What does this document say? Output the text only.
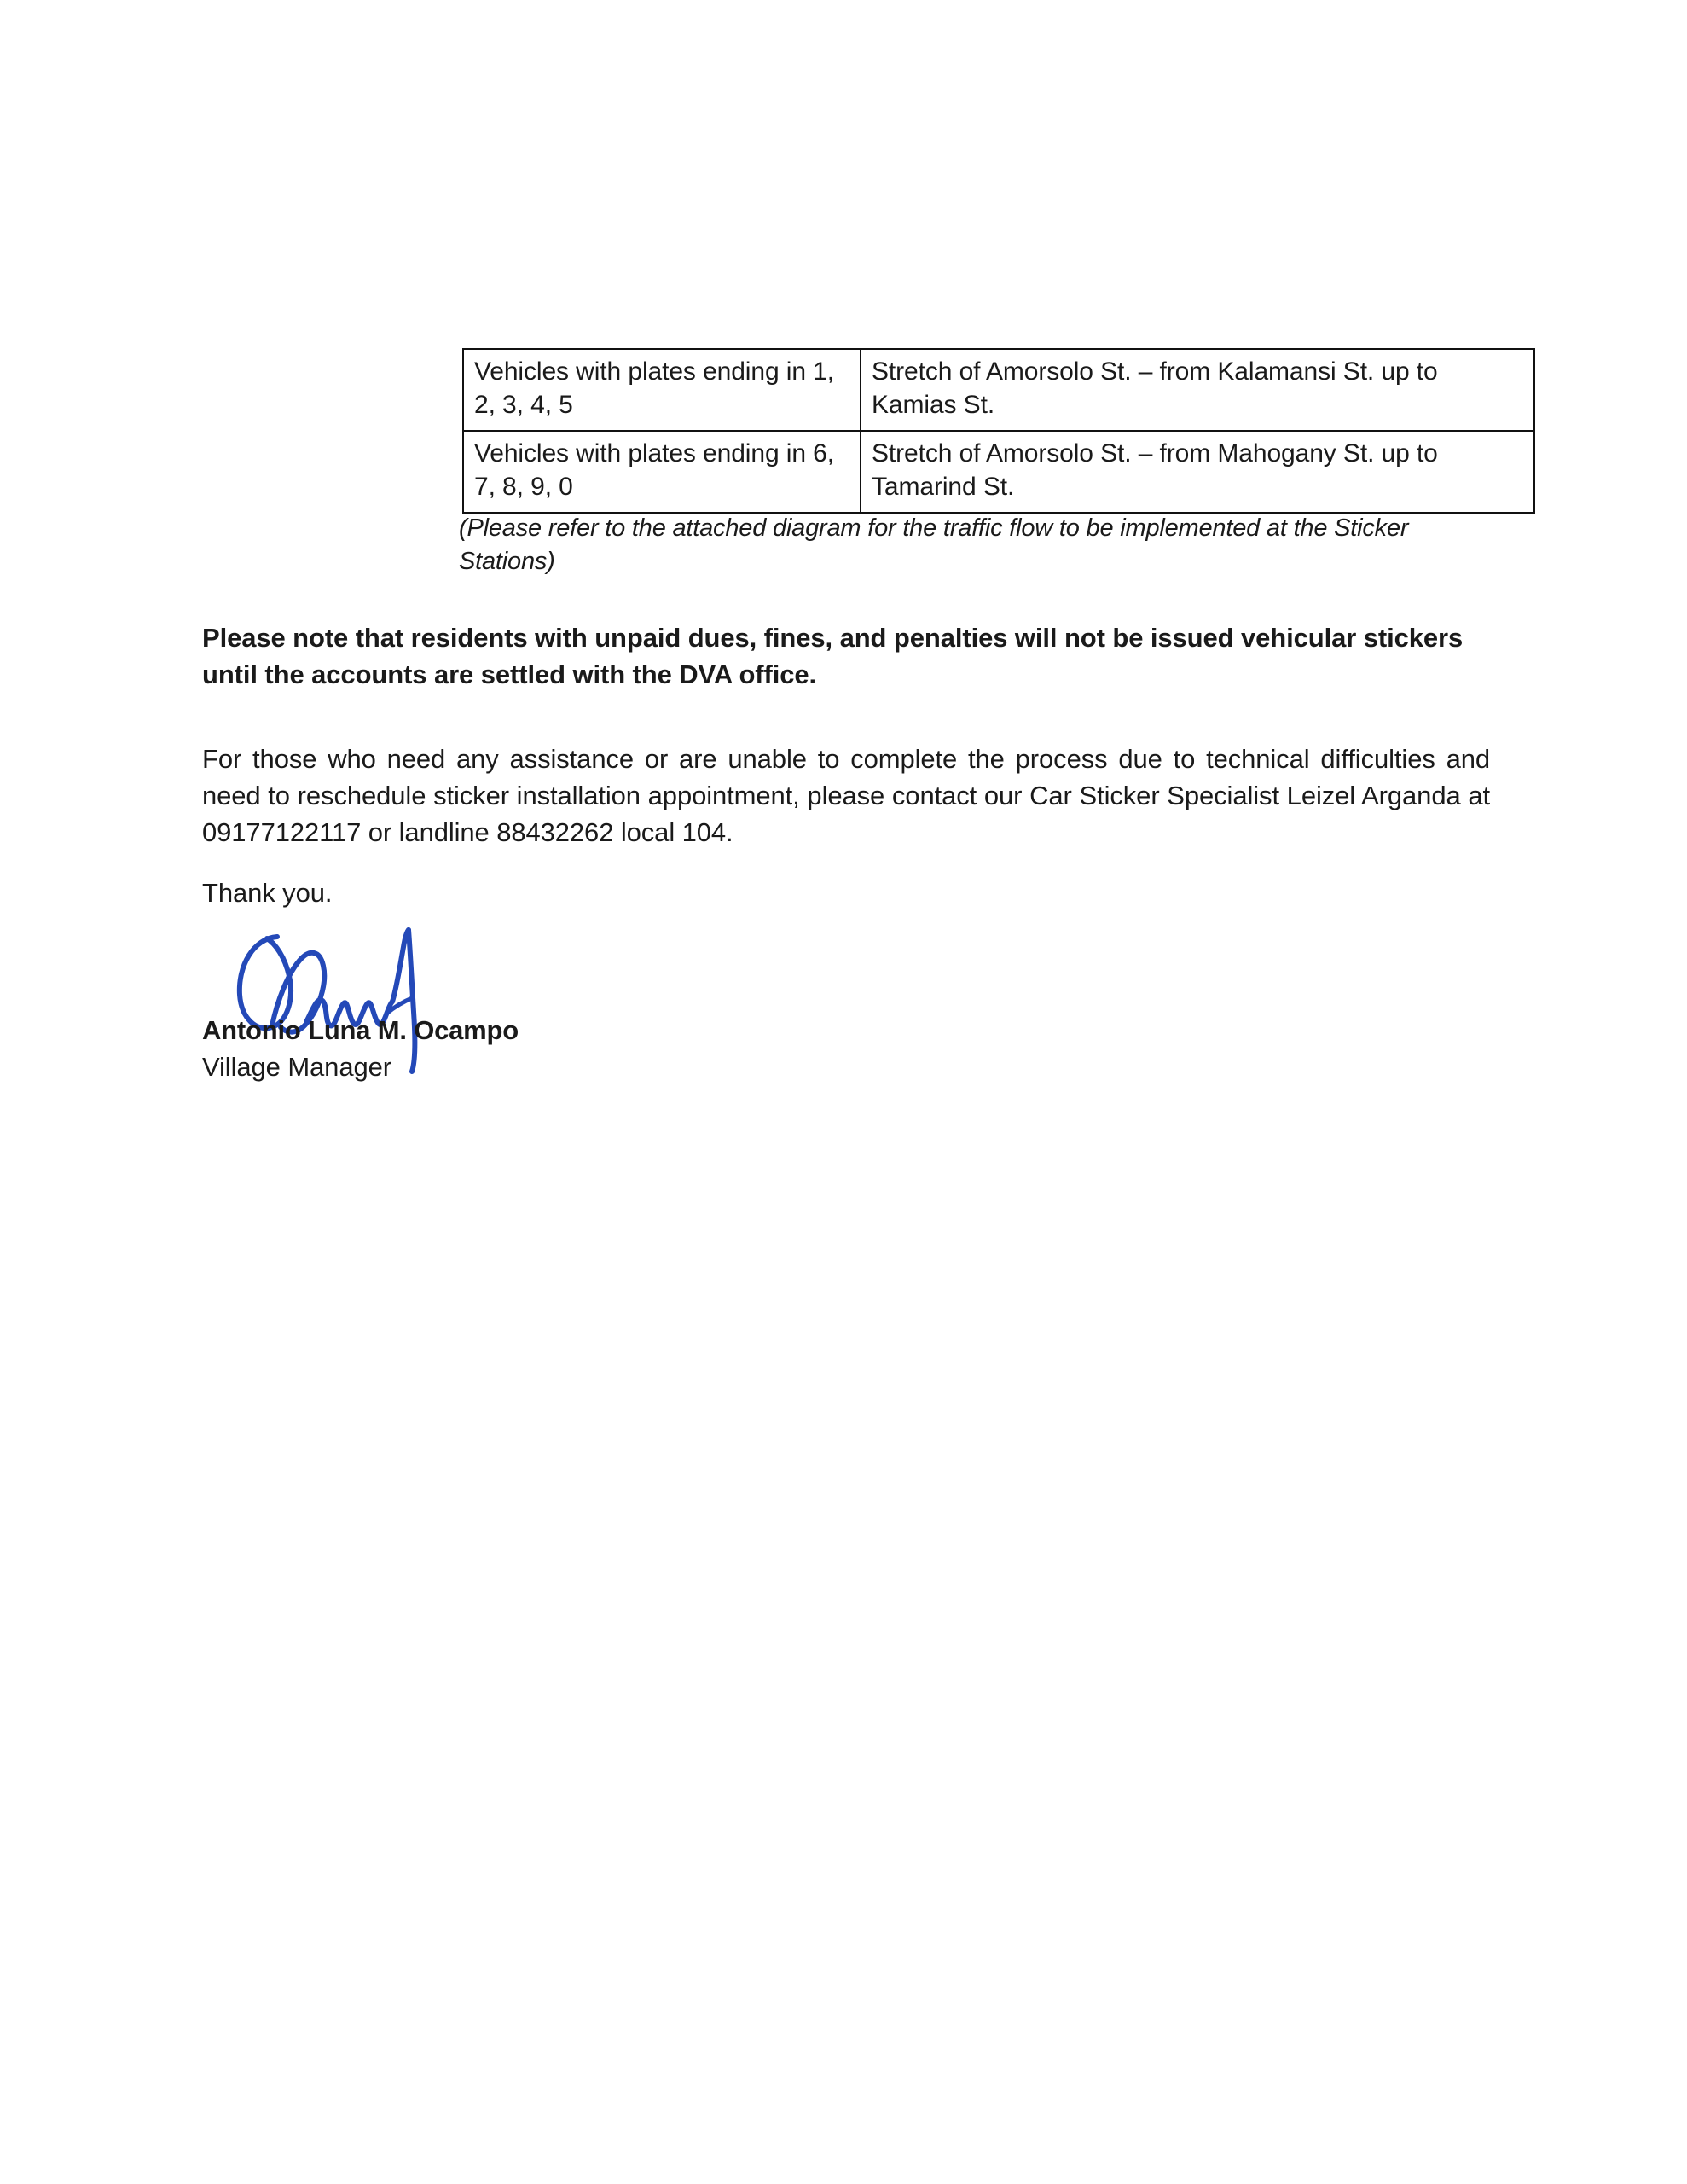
Vehicles with plates ending in 1, 2, 3, 4, 5	Stretch of Amorsolo St. – from Kalamansi St. up to Kamias St.
Vehicles with plates ending in 6, 7, 8, 9, 0	Stretch of Amorsolo St. – from Mahogany St. up to Tamarind St.
(Please refer to the attached diagram for the traffic flow to be implemented at the Sticker Stations)
Please note that residents with unpaid dues, fines, and penalties will not be issued vehicular stickers until the accounts are settled with the DVA office.
For those who need any assistance or are unable to complete the process due to technical difficulties and need to reschedule sticker installation appointment, please contact our Car Sticker Specialist Leizel Arganda at 09177122117 or landline 88432262 local 104.
Thank you.
Antonio Luna M. Ocampo
Village Manager
